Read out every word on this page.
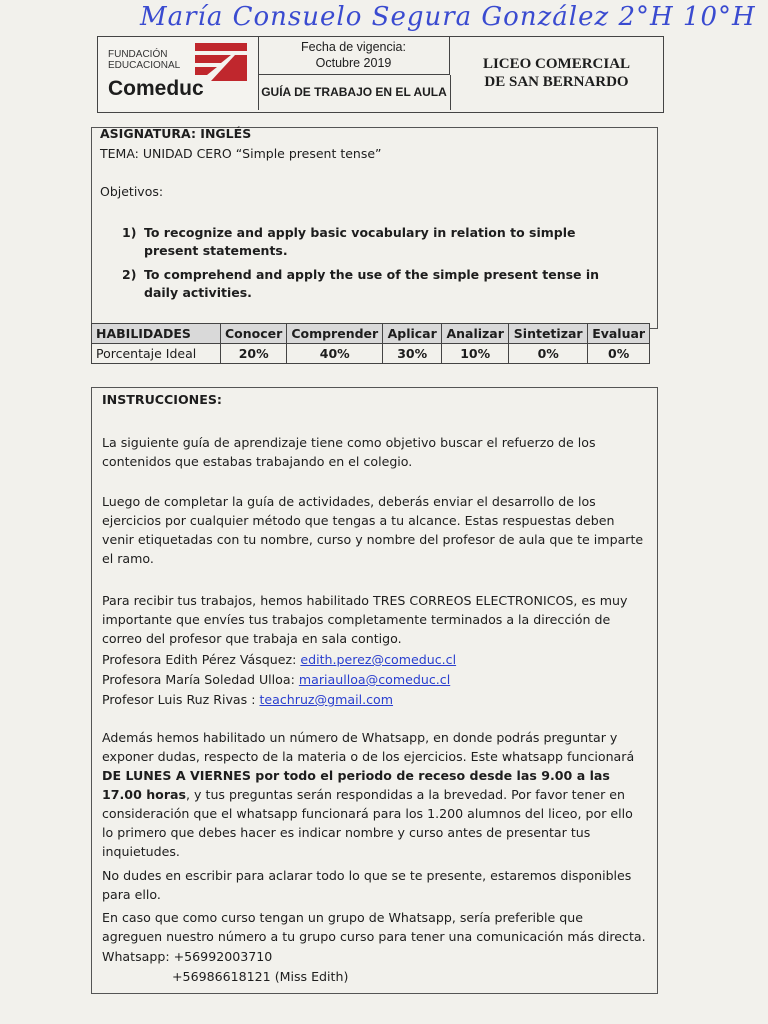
María Consuelo Segura González 2°H 10°H
FUNDACIÓN EDUCACIONAL
Comeduc
Fecha de vigencia:
Octubre 2019
GUÍA DE TRABAJO EN EL AULA
LICEO COMERCIAL
DE SAN BERNARDO
ASIGNATURA: INGLÉS
TEMA: UNIDAD CERO “Simple present tense”
Objetivos:
1) To recognize and apply basic vocabulary in relation to simple present statements.
2) To comprehend and apply the use of the simple present tense in daily activities.
HABILIDADES	Conocer	Comprender	Aplicar	Analizar	Sintetizar	Evaluar
Porcentaje Ideal	20%	40%	30%	10%	0%	0%
INSTRUCCIONES:
La siguiente guía de aprendizaje tiene como objetivo buscar el refuerzo de los contenidos que estabas trabajando en el colegio.
Luego de completar la guía de actividades, deberás enviar el desarrollo de los ejercicios por cualquier método que tengas a tu alcance. Estas respuestas deben venir etiquetadas con tu nombre, curso y nombre del profesor de aula que te imparte el ramo.
Para recibir tus trabajos, hemos habilitado TRES CORREOS ELECTRONICOS, es muy importante que envíes tus trabajos completamente terminados a la dirección de correo del profesor que trabaja en sala contigo.
Profesora Edith Pérez Vásquez: edith.perez@comeduc.cl
Profesora María Soledad Ulloa: mariaulloa@comeduc.cl
Profesor Luis Ruz Rivas : teachruz@gmail.com
Además hemos habilitado un número de Whatsapp, en donde podrás preguntar y exponer dudas, respecto de la materia o de los ejercicios. Este whatsapp funcionará DE LUNES A VIERNES por todo el periodo de receso desde las 9.00 a las 17.00 horas, y tus preguntas serán respondidas a la brevedad. Por favor tener en consideración que el whatsapp funcionará para los 1.200 alumnos del liceo, por ello lo primero que debes hacer es indicar nombre y curso antes de presentar tus inquietudes.
No dudes en escribir para aclarar todo lo que se te presente, estaremos disponibles para ello.
En caso que como curso tengan un grupo de Whatsapp, sería preferible que agreguen nuestro número a tu grupo curso para tener una comunicación más directa.
Whatsapp: +56992003710
+56986618121 (Miss Edith)
